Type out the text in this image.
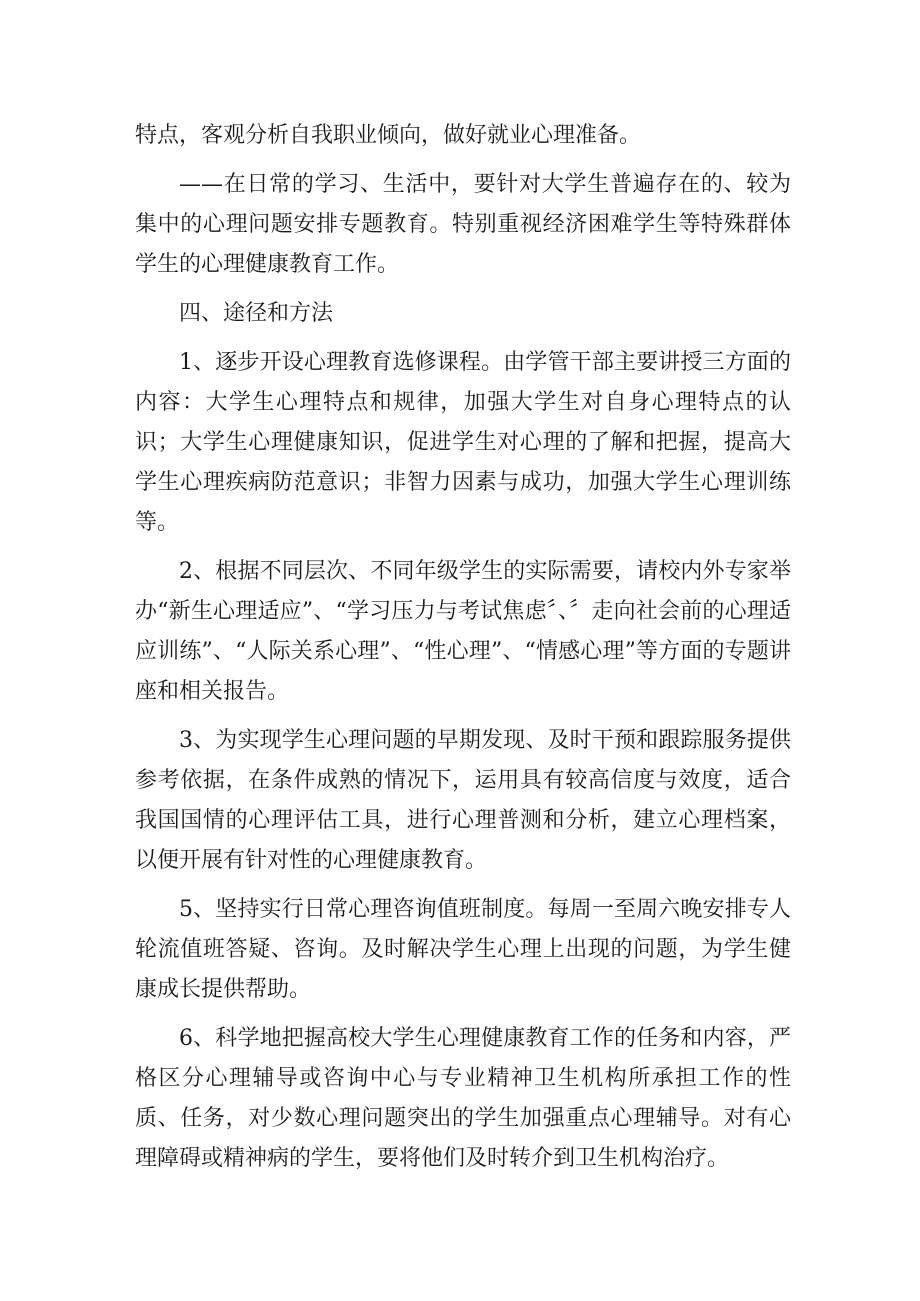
特点，客观分析自我职业倾向，做好就业心理准备。

——在日常的学习、生活中，要针对大学生普遍存在的、较为集中的心理问题安排专题教育。特别重视经济困难学生等特殊群体学生的心理健康教育工作。

四、途径和方法

1、逐步开设心理教育选修课程。由学管干部主要讲授三方面的内容：大学生心理特点和规律，加强大学生对自身心理特点的认识；大学生心理健康知识，促进学生对心理的了解和把握，提高大学生心理疾病防范意识；非智力因素与成功，加强大学生心理训练等。

2、根据不同层次、不同年级学生的实际需要，请校内外专家举办“新生心理适应”、“学习压力与考试焦虑〞、〞走向社会前的心理适应训练”、“人际关系心理”、“性心理”、“情感心理”等方面的专题讲座和相关报告。

3、为实现学生心理问题的早期发现、及时干预和跟踪服务提供参考依据，在条件成熟的情况下，运用具有较高信度与效度，适合我国国情的心理评估工具，进行心理普测和分析，建立心理档案，以便开展有针对性的心理健康教育。

5、坚持实行日常心理咨询值班制度。每周一至周六晚安排专人轮流值班答疑、咨询。及时解决学生心理上出现的问题，为学生健康成长提供帮助。

6、科学地把握高校大学生心理健康教育工作的任务和内容，严格区分心理辅导或咨询中心与专业精神卫生机构所承担工作的性质、任务，对少数心理问题突出的学生加强重点心理辅导。对有心理障碍或精神病的学生，要将他们及时转介到卫生机构治疗。
